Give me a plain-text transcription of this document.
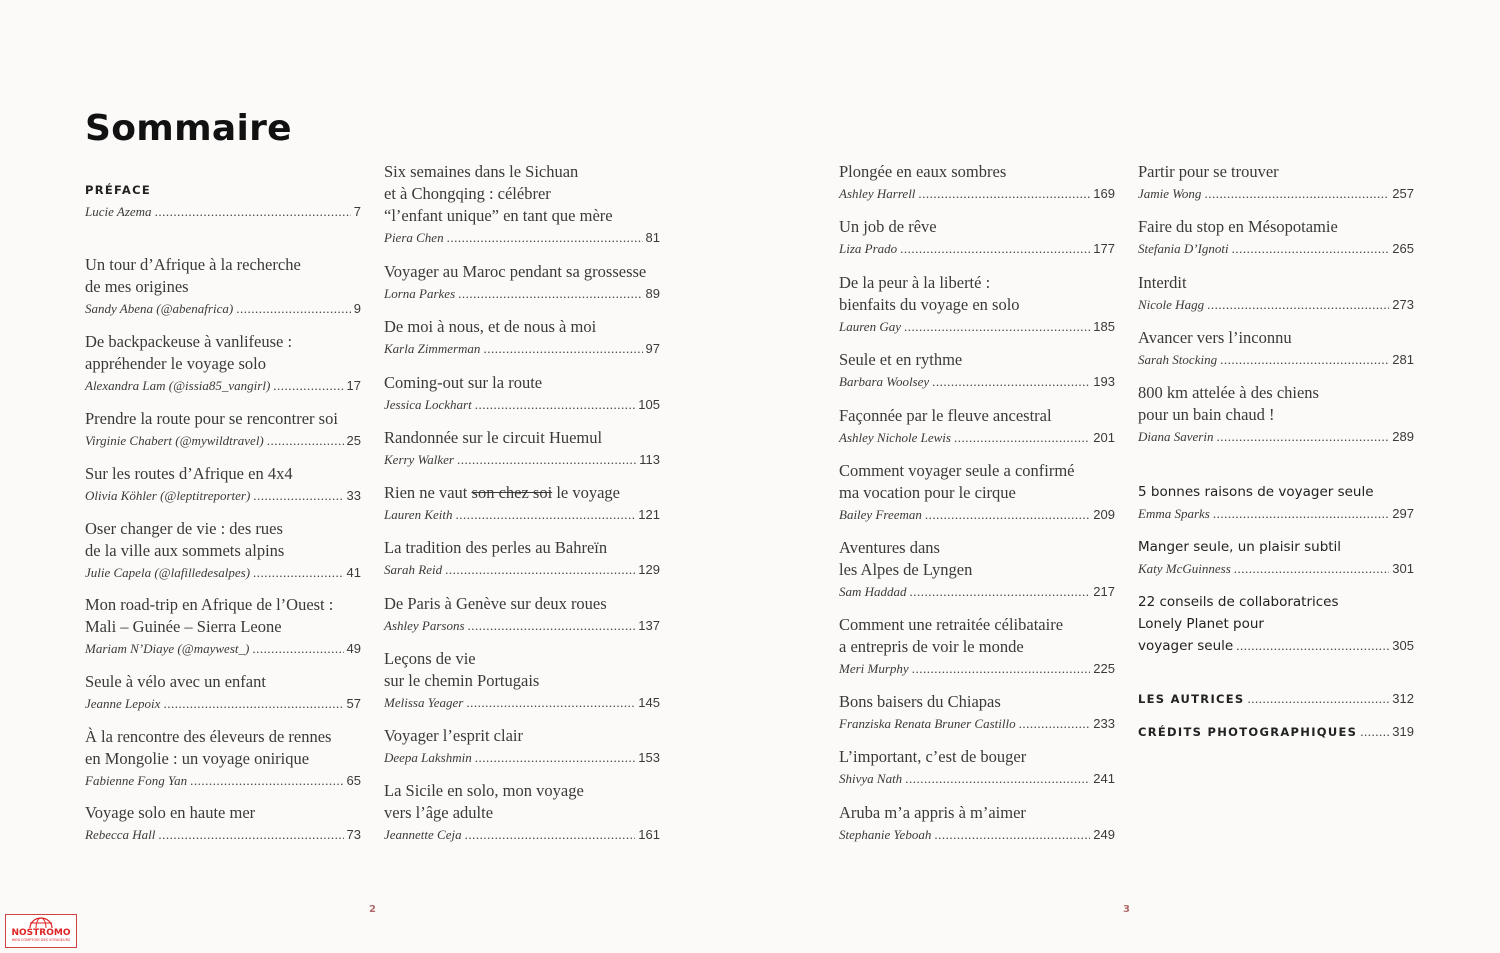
Sommaire
PRÉFACE
Lucie Azema .....	7
Un tour d’Afrique à la recherche
de mes origines
Sandy Abena (@abenafrica) .....	9
De backpackeuse à vanlifeuse :
appréhender le voyage solo
Alexandra Lam (@issia85_vangirl) .....	17
Prendre la route pour se rencontrer soi
Virginie Chabert (@mywildtravel) .....	25
Sur les routes d’Afrique en 4x4
Olivia Köhler (@leptitreporter) .....	33
Oser changer de vie : des rues
de la ville aux sommets alpins
Julie Capela (@lafilledesalpes) .....	41
Mon road-trip en Afrique de l’Ouest :
Mali – Guinée – Sierra Leone
Mariam N’Diaye (@maywest_) .....	49
Seule à vélo avec un enfant
Jeanne Lepoix .....	57
À la rencontre des éleveurs de rennes
en Mongolie : un voyage onirique
Fabienne Fong Yan .....	65
Voyage solo en haute mer
Rebecca Hall .....	73
Six semaines dans le Sichuan
et à Chongqing : célébrer
“l’enfant unique” en tant que mère
Piera Chen .....	81
Voyager au Maroc pendant sa grossesse
Lorna Parkes .....	89
De moi à nous, et de nous à moi
Karla Zimmerman .....	97
Coming-out sur la route
Jessica Lockhart .....	105
Randonnée sur le circuit Huemul
Kerry Walker .....	113
Rien ne vaut son chez soi le voyage
Lauren Keith .....	121
La tradition des perles au Bahreïn
Sarah Reid .....	129
De Paris à Genève sur deux roues
Ashley Parsons .....	137
Leçons de vie
sur le chemin Portugais
Melissa Yeager .....	145
Voyager l’esprit clair
Deepa Lakshmin .....	153
La Sicile en solo, mon voyage
vers l’âge adulte
Jeannette Ceja .....	161
Plongée en eaux sombres
Ashley Harrell .....	169
Un job de rêve
Liza Prado .....	177
De la peur à la liberté :
bienfaits du voyage en solo
Lauren Gay .....	185
Seule et en rythme
Barbara Woolsey .....	193
Façonnée par le fleuve ancestral
Ashley Nichole Lewis .....	201
Comment voyager seule a confirmé
ma vocation pour le cirque
Bailey Freeman .....	209
Aventures dans
les Alpes de Lyngen
Sam Haddad .....	217
Comment une retraitée célibataire
a entrepris de voir le monde
Meri Murphy .....	225
Bons baisers du Chiapas
Franziska Renata Bruner Castillo .....	233
L’important, c’est de bouger
Shivya Nath .....	241
Aruba m’a appris à m’aimer
Stephanie Yeboah .....	249
Partir pour se trouver
Jamie Wong .....	257
Faire du stop en Mésopotamie
Stefania D’Ignoti .....	265
Interdit
Nicole Hagg .....	273
Avancer vers l’inconnu
Sarah Stocking .....	281
800 km attelée à des chiens
pour un bain chaud !
Diana Saverin .....	289
5 bonnes raisons de voyager seule
Emma Sparks .....	297
Manger seule, un plaisir subtil
Katy McGuinness .....	301
22 conseils de collaboratrices
Lonely Planet pour
voyager seule .....	305
LES AUTRICES .....	312
CRÉDITS PHOTOGRAPHIQUES .....	319
2	3
NOSTROMO
WEB COMPTOIR DES VOYAGEURS
